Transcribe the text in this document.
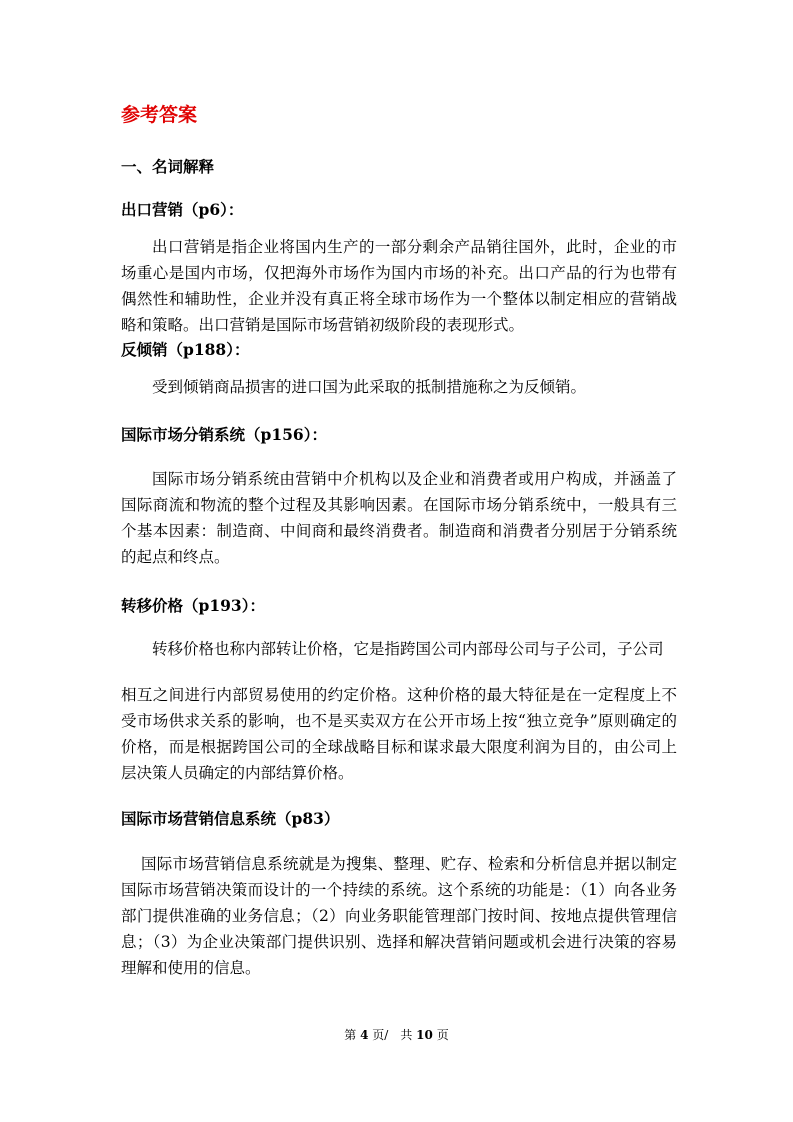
参考答案
一、名词解释
出口营销（p6）：

出口营销是指企业将国内生产的一部分剩余产品销往国外，此时，企业的市场重心是国内市场，仅把海外市场作为国内市场的补充。出口产品的行为也带有偶然性和辅助性，企业并没有真正将全球市场作为一个整体以制定相应的营销战略和策略。出口营销是国际市场营销初级阶段的表现形式。

反倾销（p188）：

受到倾销商品损害的进口国为此采取的抵制措施称之为反倾销。

国际市场分销系统（p156）：

国际市场分销系统由营销中介机构以及企业和消费者或用户构成，并涵盖了国际商流和物流的整个过程及其影响因素。在国际市场分销系统中，一般具有三个基本因素：制造商、中间商和最终消费者。制造商和消费者分别居于分销系统的起点和终点。

转移价格（p193）：

转移价格也称内部转让价格，它是指跨国公司内部母公司与子公司，子公司

相互之间进行内部贸易使用的约定价格。这种价格的最大特征是在一定程度上不受市场供求关系的影响，也不是买卖双方在公开市场上按“独立竞争”原则确定的价格，而是根据跨国公司的全球战略目标和谋求最大限度利润为目的，由公司上层决策人员确定的内部结算价格。

国际市场营销信息系统（p83）

国际市场营销信息系统就是为搜集、整理、贮存、检索和分析信息并据以制定国际市场营销决策而设计的一个持续的系统。这个系统的功能是：（1）向各业务部门提供准确的业务信息；（2）向业务职能管理部门按时间、按地点提供管理信息；（3）为企业决策部门提供识别、选择和解决营销问题或机会进行决策的容易理解和使用的信息。

第 4 页/　共 10 页
